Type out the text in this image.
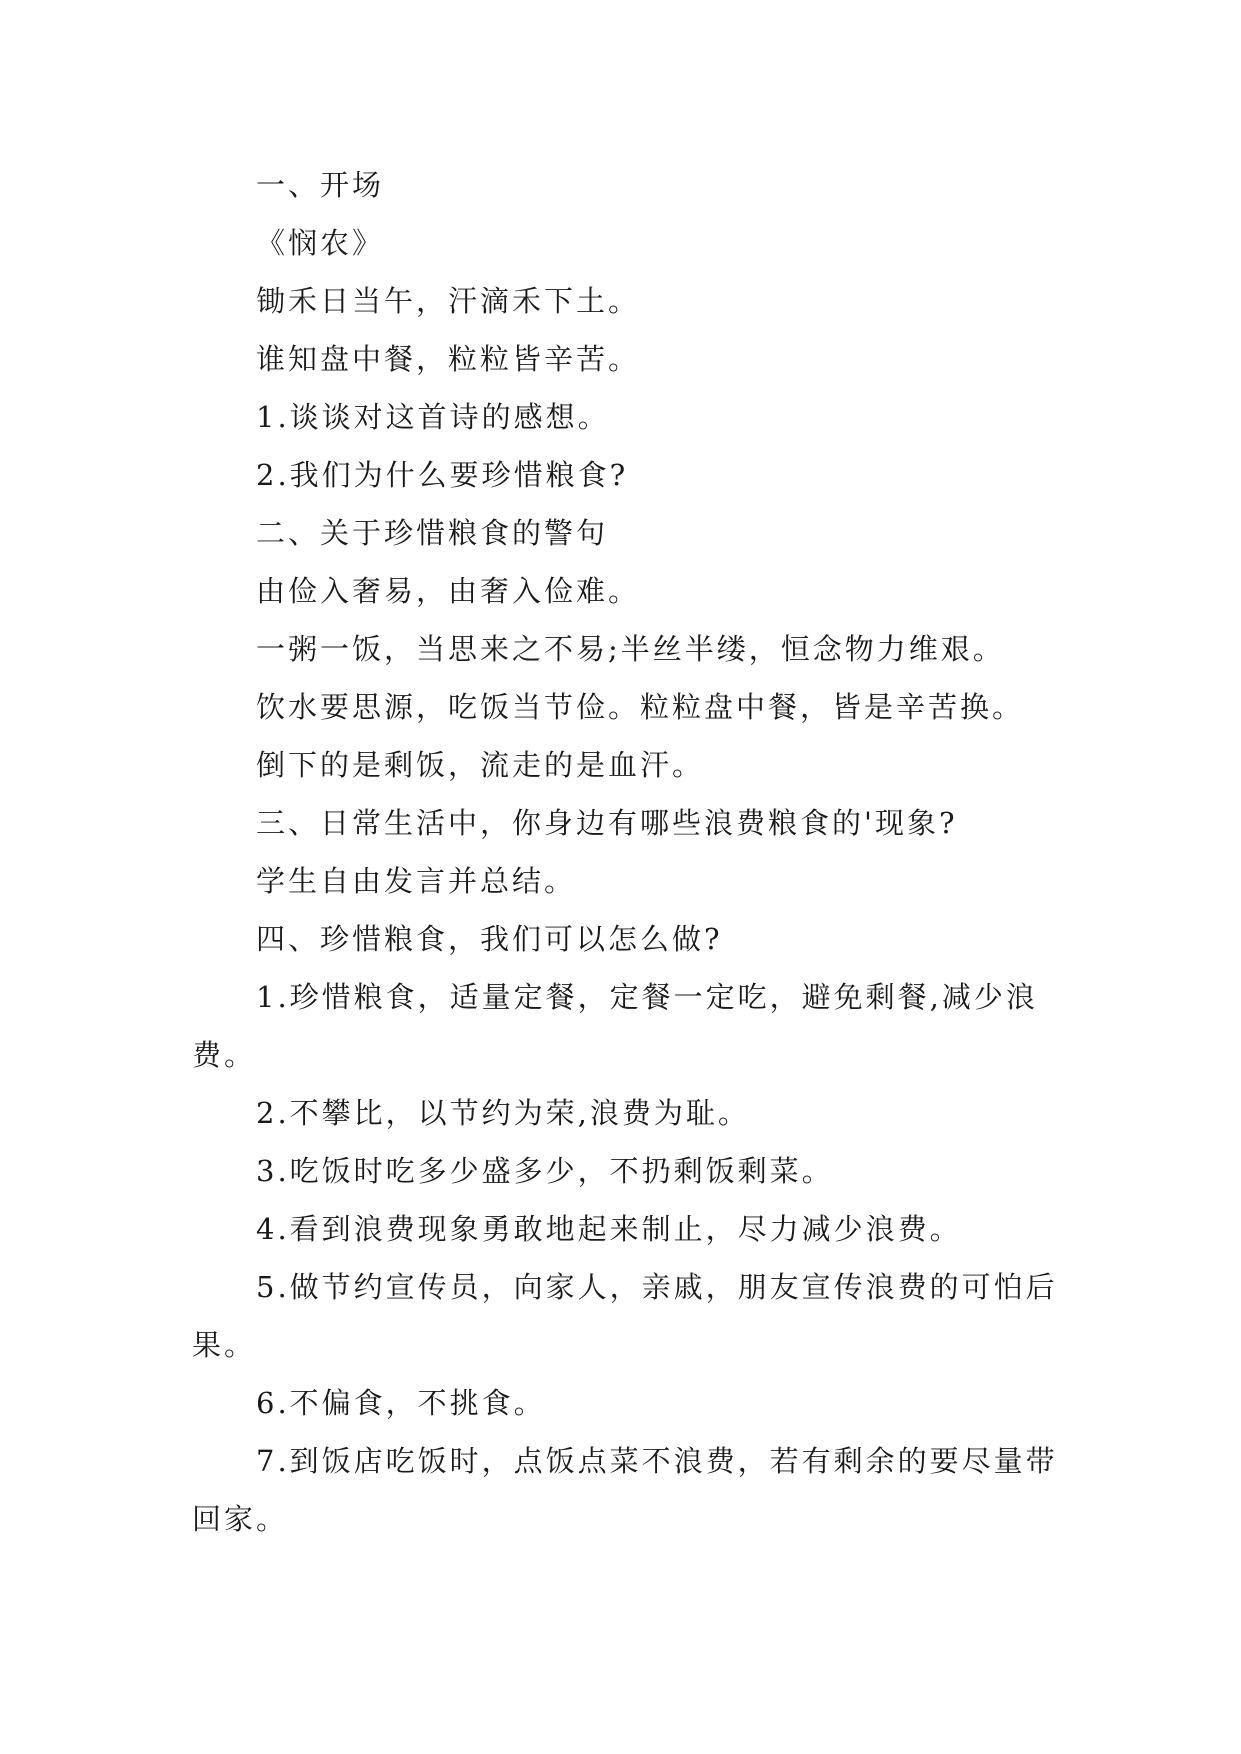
一、开场

《悯农》

锄禾日当午，汗滴禾下土。

谁知盘中餐，粒粒皆辛苦。

1.谈谈对这首诗的感想。

2.我们为什么要珍惜粮食?

二、关于珍惜粮食的警句

由俭入奢易，由奢入俭难。

一粥一饭，当思来之不易;半丝半缕，恒念物力维艰。

饮水要思源，吃饭当节俭。粒粒盘中餐，皆是辛苦换。

倒下的是剩饭，流走的是血汗。

三、日常生活中，你身边有哪些浪费粮食的'现象?

学生自由发言并总结。

四、珍惜粮食，我们可以怎么做?

1.珍惜粮食，适量定餐，定餐一定吃，避免剩餐,减少浪费。

2.不攀比，以节约为荣,浪费为耻。

3.吃饭时吃多少盛多少，不扔剩饭剩菜。

4.看到浪费现象勇敢地起来制止，尽力减少浪费。

5.做节约宣传员，向家人，亲戚，朋友宣传浪费的可怕后果。

6.不偏食，不挑食。

7.到饭店吃饭时，点饭点菜不浪费，若有剩余的要尽量带回家。
